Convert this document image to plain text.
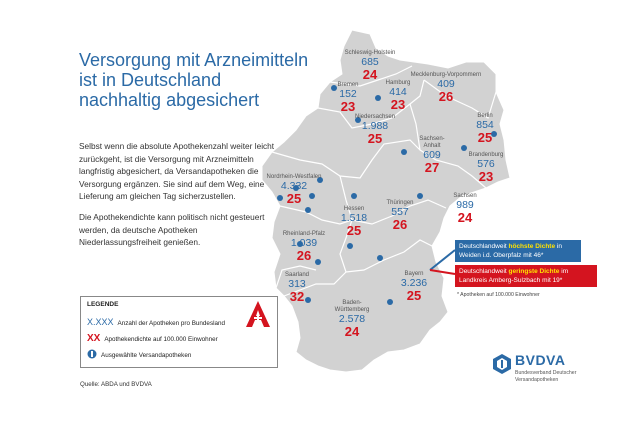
Versorgung mit Arzneimitteln
ist in Deutschland
nachhaltig abgesichert

Selbst wenn die absolute Apothekenzahl weiter leicht zurückgeht, ist die Versorgung mit Arzneimitteln langfristig abgesichert, da Versandapotheken die Versorgung ergänzen. Sie sind auf dem Weg, eine Lieferung am gleichen Tag sicherzustellen.

Die Apothekendichte kann politisch nicht gesteuert werden, da deutsche Apotheken Niederlassungsfreiheit genießen.

Schleswig-Holstein
685
24
Hamburg
414
23
Mecklenburg-Vorpommern
409
26
Bremen
152
23
Niedersachsen
1.988
25
Berlin
854
25
Sachsen-
Anhalt
609
27
Brandenburg
576
23
Nordrhein-Westfalen
4.332
25
Hessen
1.518
25
Thüringen
557
26
Sachsen
989
24
Rheinland-Pfalz
1.039
26
Saarland
313
32
Bayern
3.236
25
Baden-
Württemberg
2.578
24
Deutschlandweit höchste Dichte in Weiden i.d. Oberpfalz mit 46*
Deutschlandweit geringste Dichte im Landkreis Amberg-Sulzbach mit 19*
* Apotheken auf 100.000 Einwohner
LEGENDE
X.XXX Anzahl der Apotheken pro Bundesland
XX Apothekendichte auf 100.000 Einwohner
Ausgewählte Versandapotheken
Quelle: ABDA und BVDVA
BVDVA
Bundesverband Deutscher
Versandapotheken
